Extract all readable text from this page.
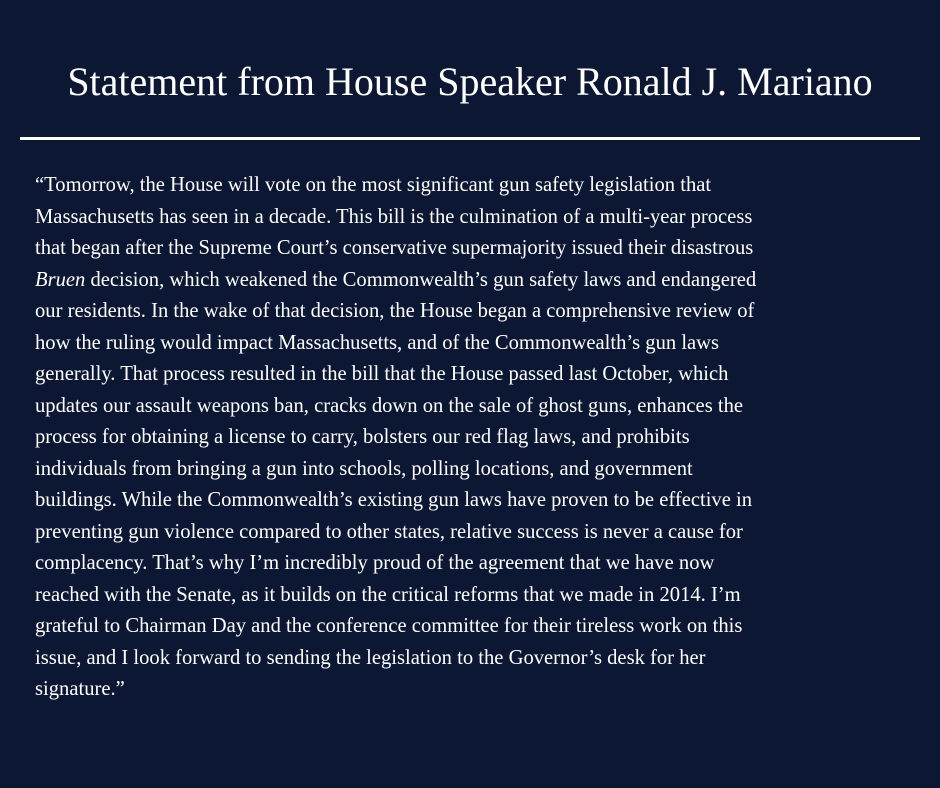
Statement from House Speaker Ronald J. Mariano

“Tomorrow, the House will vote on the most significant gun safety legislation that
Massachusetts has seen in a decade. This bill is the culmination of a multi-year process
that began after the Supreme Court’s conservative supermajority issued their disastrous
Bruen decision, which weakened the Commonwealth’s gun safety laws and endangered
our residents. In the wake of that decision, the House began a comprehensive review of
how the ruling would impact Massachusetts, and of the Commonwealth’s gun laws
generally. That process resulted in the bill that the House passed last October, which
updates our assault weapons ban, cracks down on the sale of ghost guns, enhances the
process for obtaining a license to carry, bolsters our red flag laws, and prohibits
individuals from bringing a gun into schools, polling locations, and government
buildings. While the Commonwealth’s existing gun laws have proven to be effective in
preventing gun violence compared to other states, relative success is never a cause for
complacency. That’s why I’m incredibly proud of the agreement that we have now
reached with the Senate, as it builds on the critical reforms that we made in 2014. I’m
grateful to Chairman Day and the conference committee for their tireless work on this
issue, and I look forward to sending the legislation to the Governor’s desk for her
signature.”
